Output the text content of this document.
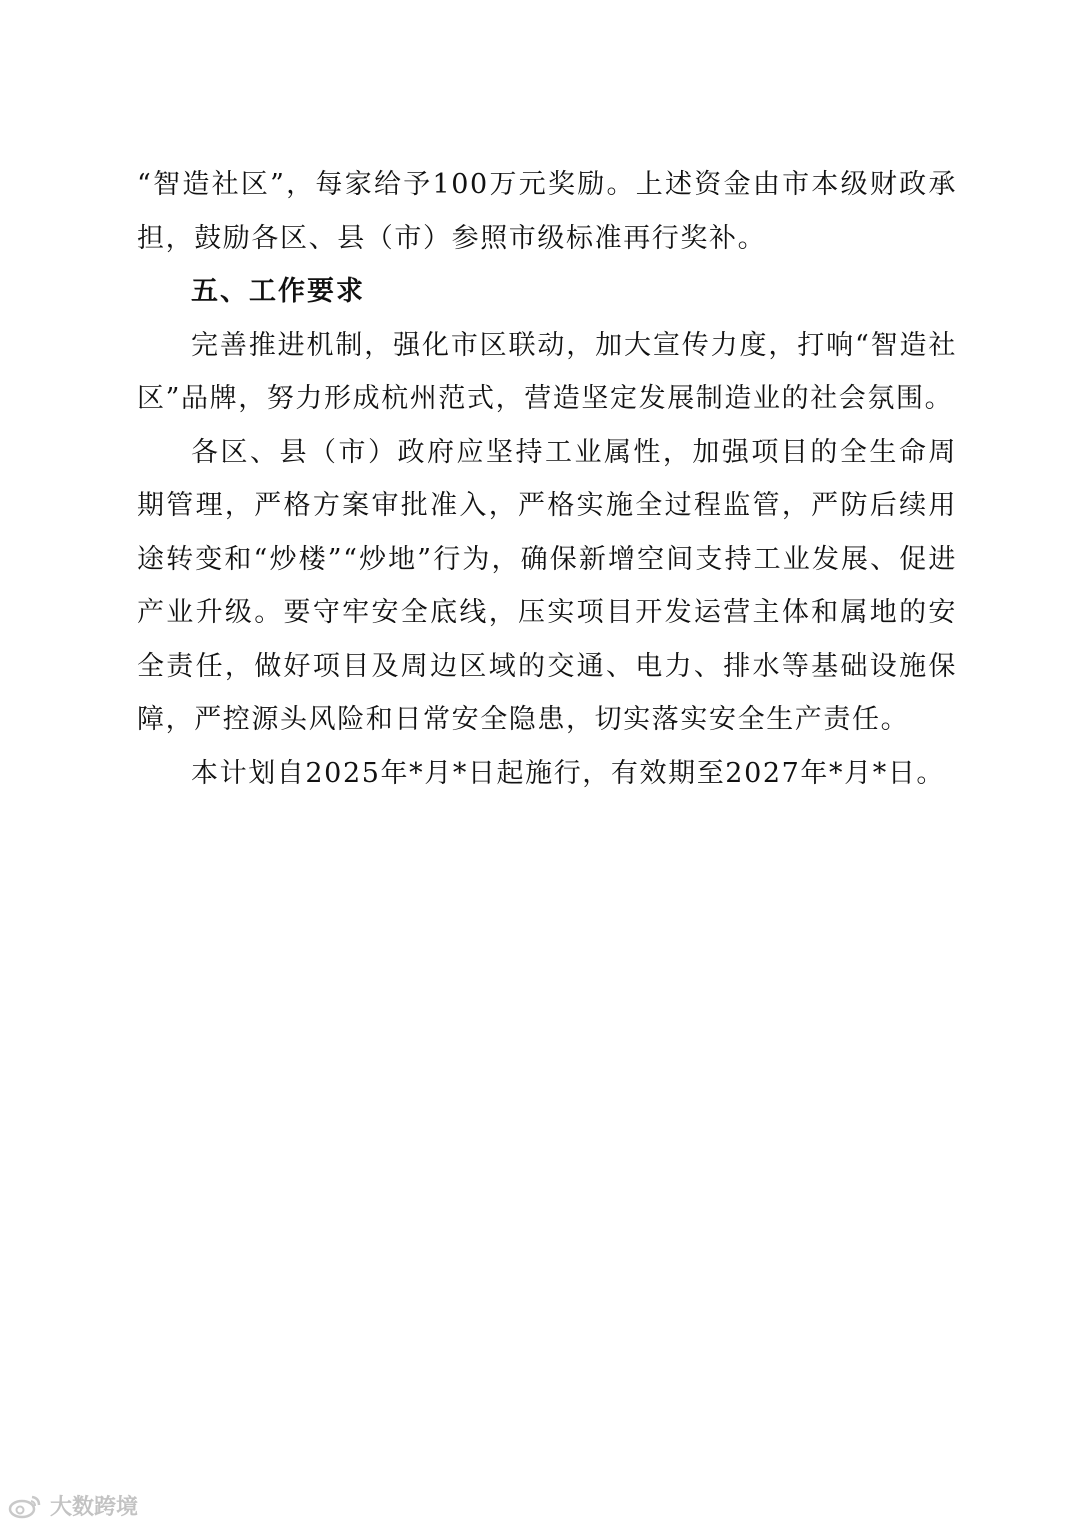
“智造社区”，每家给予100万元奖励。上述资金由市本级财政承担，鼓励各区、县（市）参照市级标准再行奖补。

五、工作要求

完善推进机制，强化市区联动，加大宣传力度，打响“智造社区”品牌，努力形成杭州范式，营造坚定发展制造业的社会氛围。

各区、县（市）政府应坚持工业属性，加强项目的全生命周期管理，严格方案审批准入，严格实施全过程监管，严防后续用途转变和“炒楼”“炒地”行为，确保新增空间支持工业发展、促进产业升级。要守牢安全底线，压实项目开发运营主体和属地的安全责任，做好项目及周边区域的交通、电力、排水等基础设施保障，严控源头风险和日常安全隐患，切实落实安全生产责任。

本计划自2025年*月*日起施行，有效期至2027年*月*日。

大数跨境
